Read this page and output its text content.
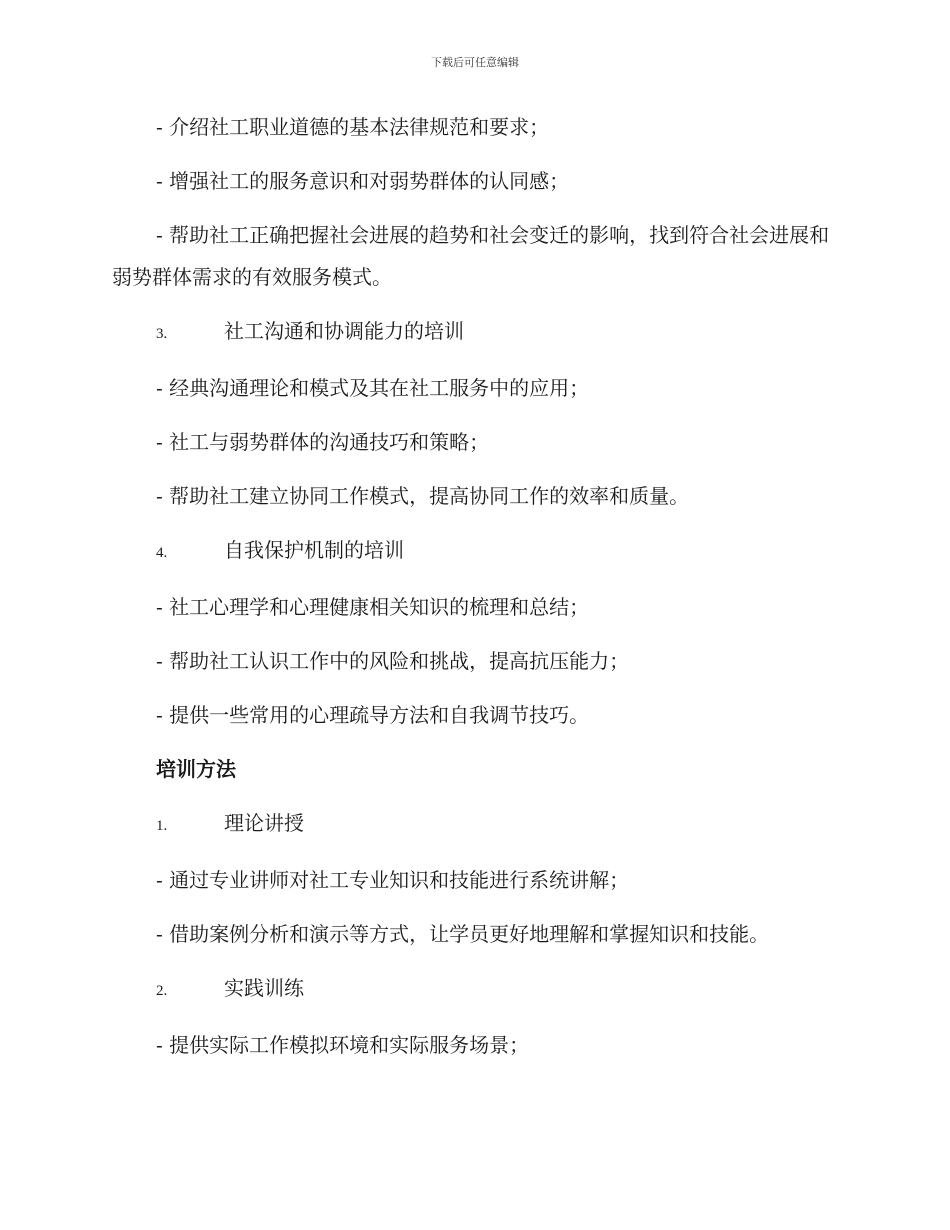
下载后可任意编辑

- 介绍社工职业道德的基本法律规范和要求；

- 增强社工的服务意识和对弱势群体的认同感；

- 帮助社工正确把握社会进展的趋势和社会变迁的影响，找到符合社会进展和弱势群体需求的有效服务模式。

3.	社工沟通和协调能力的培训

- 经典沟通理论和模式及其在社工服务中的应用；

- 社工与弱势群体的沟通技巧和策略；

- 帮助社工建立协同工作模式，提高协同工作的效率和质量。

4.	自我保护机制的培训

- 社工心理学和心理健康相关知识的梳理和总结；

- 帮助社工认识工作中的风险和挑战，提高抗压能力；

- 提供一些常用的心理疏导方法和自我调节技巧。

培训方法
1.	理论讲授

- 通过专业讲师对社工专业知识和技能进行系统讲解；

- 借助案例分析和演示等方式，让学员更好地理解和掌握知识和技能。

2.	实践训练

- 提供实际工作模拟环境和实际服务场景；
